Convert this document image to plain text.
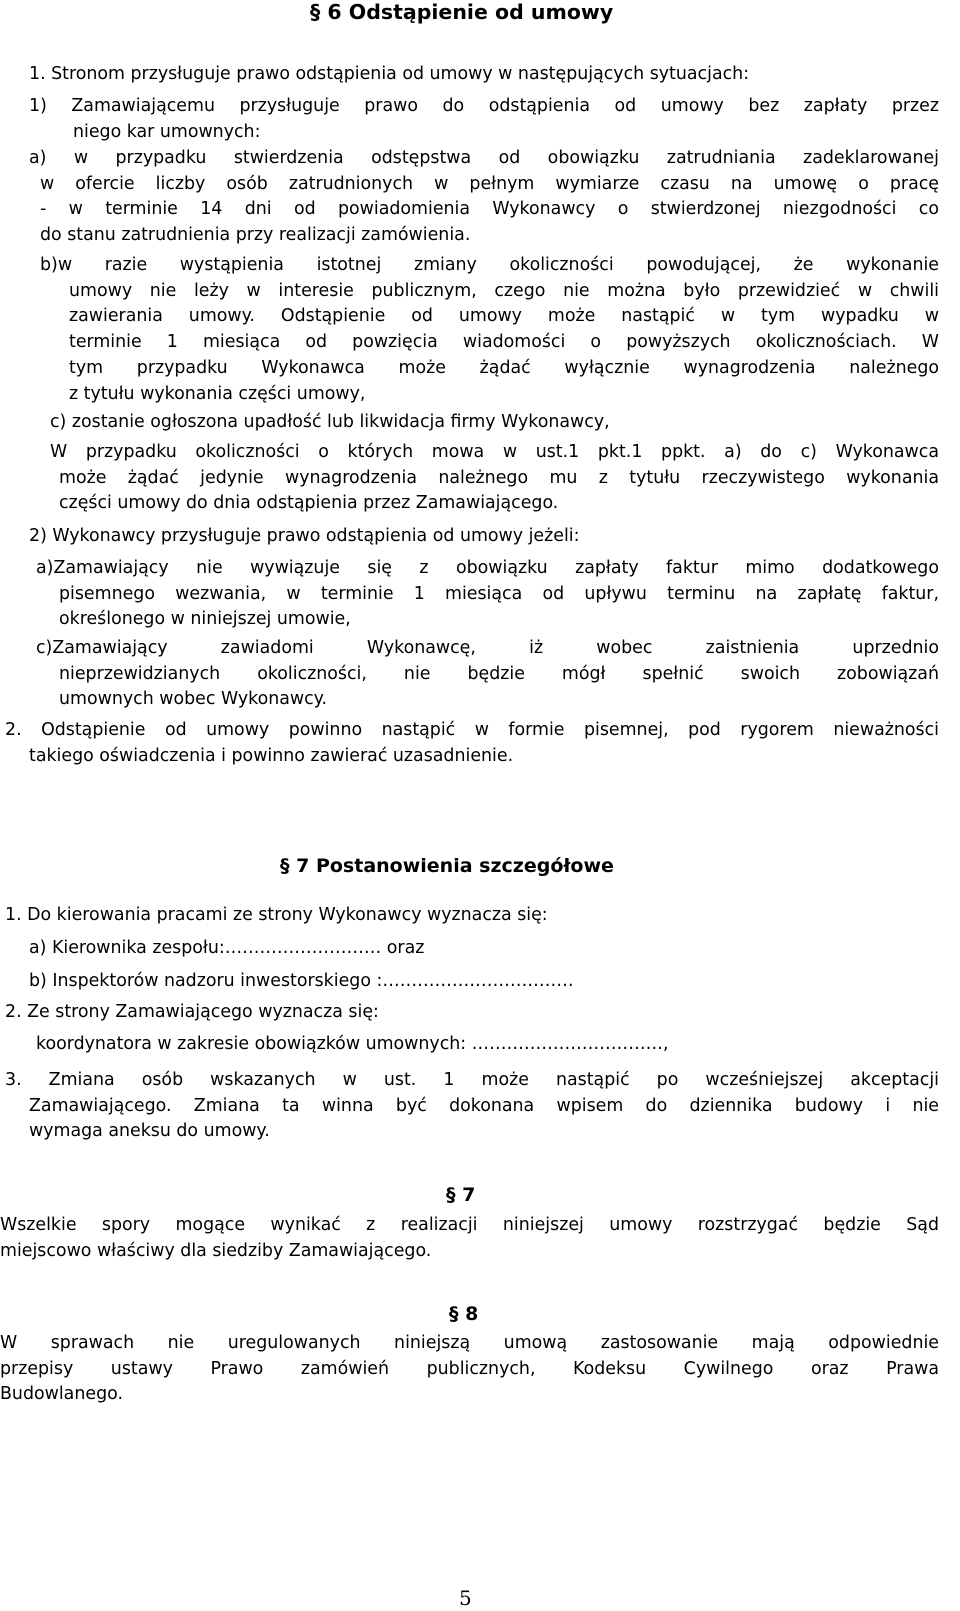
§ 6 Odstąpienie od umowy
1. Stronom przysługuje prawo odstąpienia od umowy w następujących sytuacjach:

1) Zamawiającemu przysługuje prawo do odstąpienia od umowy bez zapłaty przez

niego kar umownych:

a) w przypadku stwierdzenia odstępstwa od obowiązku zatrudniania zadeklarowanej

w ofercie liczby osób zatrudnionych w pełnym wymiarze czasu na umowę o pracę

- w terminie 14 dni od powiadomienia Wykonawcy o stwierdzonej niezgodności co

do stanu zatrudnienia przy realizacji zamówienia.

b)w razie wystąpienia istotnej zmiany okoliczności powodującej, że wykonanie

umowy nie leży w interesie publicznym, czego nie można było przewidzieć w chwili

zawierania umowy. Odstąpienie od umowy może nastąpić w tym wypadku w

terminie 1 miesiąca od powzięcia wiadomości o powyższych okolicznościach. W

tym przypadku Wykonawca może żądać wyłącznie wynagrodzenia należnego

z tytułu wykonania części umowy,

c) zostanie ogłoszona upadłość lub likwidacja firmy Wykonawcy,

W przypadku okoliczności o których mowa w ust.1 pkt.1 ppkt. a) do c) Wykonawca

może żądać jedynie wynagrodzenia należnego mu z tytułu rzeczywistego wykonania

części umowy do dnia odstąpienia przez Zamawiającego.

2) Wykonawcy przysługuje prawo odstąpienia od umowy jeżeli:

a)Zamawiający nie wywiązuje się z obowiązku zapłaty faktur mimo dodatkowego

pisemnego wezwania, w terminie 1 miesiąca od upływu terminu na zapłatę faktur,

określonego w niniejszej umowie,

c)Zamawiający zawiadomi Wykonawcę, iż wobec zaistnienia uprzednio

nieprzewidzianych okoliczności, nie będzie mógł spełnić swoich zobowiązań

umownych wobec Wykonawcy.

2. Odstąpienie od umowy powinno nastąpić w formie pisemnej, pod rygorem nieważności

takiego oświadczenia i powinno zawierać uzasadnienie.

§ 7 Postanowienia szczegółowe
1. Do kierowania pracami ze strony Wykonawcy wyznacza się:
a) Kierownika zespołu:……………………… oraz
b) Inspektorów nadzoru inwestorskiego :……………………………
2. Ze strony Zamawiającego wyznacza się:
koordynatora w zakresie obowiązków umownych: ……………………………,

3. Zmiana osób wskazanych w ust. 1 może nastąpić po wcześniejszej akceptacji

Zamawiającego. Zmiana ta winna być dokonana wpisem do dziennika budowy i nie

wymaga aneksu do umowy.

§ 7

Wszelkie spory mogące wynikać z realizacji niniejszej umowy rozstrzygać będzie Sąd

miejscowo właściwy dla siedziby Zamawiającego.

§ 8

W sprawach nie uregulowanych niniejszą umową zastosowanie mają odpowiednie

przepisy ustawy Prawo zamówień publicznych, Kodeksu Cywilnego oraz Prawa

Budowlanego.

5
